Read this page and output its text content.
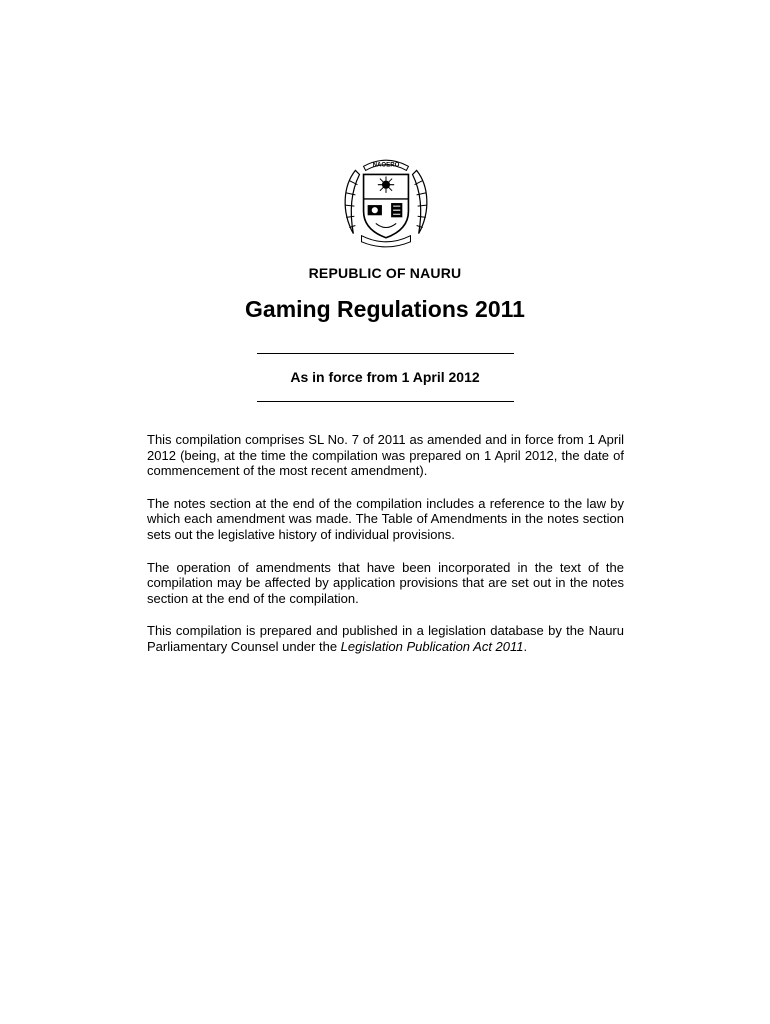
NAOERO
REPUBLIC OF NAURU
Gaming Regulations 2011
As in force from 1 April 2012

This compilation comprises SL No. 7 of 2011 as amended and in force from 1 April 2012 (being, at the time the compilation was prepared on 1 April 2012, the date of commencement of the most recent amendment).

The notes section at the end of the compilation includes a reference to the law by which each amendment was made. The Table of Amendments in the notes section sets out the legislative history of individual provisions.

The operation of amendments that have been incorporated in the text of the compilation may be affected by application provisions that are set out in the notes section at the end of the compilation.

This compilation is prepared and published in a legislation database by the Nauru Parliamentary Counsel under the Legislation Publication Act 2011.
